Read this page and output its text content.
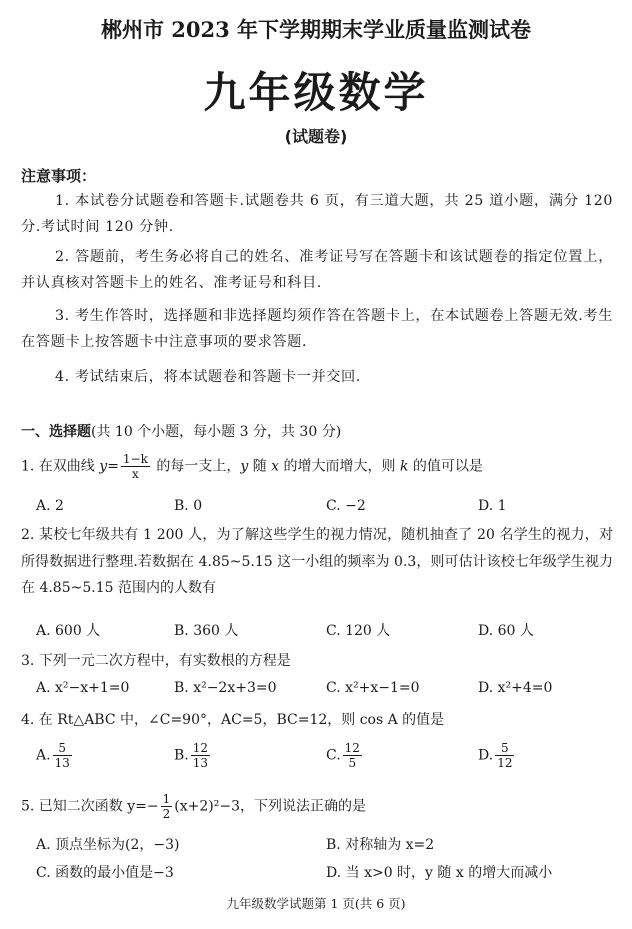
郴州市 2023 年下学期期末学业质量监测试卷
九年级数学
(试题卷)
注意事项：
1. 本试卷分试题卷和答题卡.试题卷共 6 页，有三道大题，共 25 道小题，满分 120 分.考试时间 120 分钟.
2. 答题前，考生务必将自己的姓名、准考证号写在答题卡和该试题卷的指定位置上，并认真核对答题卡上的姓名、准考证号和科目.
3. 考生作答时，选择题和非选择题均须作答在答题卡上，在本试题卷上答题无效.考生在答题卡上按答题卡中注意事项的要求答题.
4. 考试结束后，将本试题卷和答题卡一并交回.
一、选择题(共 10 个小题，每小题 3 分，共 30 分)
1. 在双曲线 $y= \frac{1-k}{x}$ 的每一支上，y 随 x 的增大而增大，则 k 的值可以是
A. 2	B. 0	C. −2	D. 1
2. 某校七年级共有 1 200 人，为了解这些学生的视力情况，随机抽查了 20 名学生的视力，对所得数据进行整理.若数据在 4.85~5.15 这一小组的频率为 0.3，则可估计该校七年级学生视力在 4.85~5.15 范围内的人数有
A. 600 人	B. 360 人	C. 120 人	D. 60 人
3. 下列一元二次方程中，有实数根的方程是
A. x²−x+1=0	B. x²−2x+3=0	C. x²+x−1=0	D. x²+4=0
4. 在 Rt△ABC 中，∠C=90°，AC=5，BC=12，则 cos A 的值是
A. $\frac{5}{13}$	B. $\frac{12}{13}$	C. $\frac{12}{5}$	D. $\frac{5}{12}$
5. 已知二次函数 $y=- \frac{1}{2} (x+2)^2-3$，下列说法正确的是
A. 顶点坐标为(2，−3)	B. 对称轴为 x=2
C. 函数的最小值是−3	D. 当 x>0 时，y 随 x 的增大而减小
九年级数学试题第 1 页(共 6 页)
